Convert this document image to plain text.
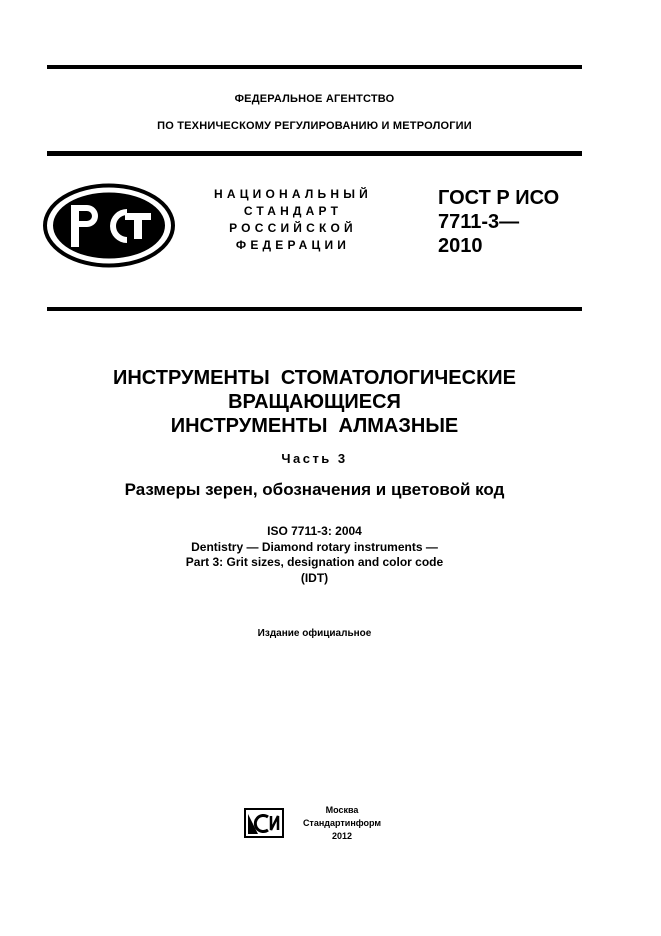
ФЕДЕРАЛЬНОЕ АГЕНТСТВО
ПО ТЕХНИЧЕСКОМУ РЕГУЛИРОВАНИЮ И МЕТРОЛОГИИ
НАЦИОНАЛЬНЫЙ
СТАНДАРТ
РОССИЙСКОЙ
ФЕДЕРАЦИИ
ГОСТ Р ИСО
7711-3—
2010
ИНСТРУМЕНТЫ  СТОМАТОЛОГИЧЕСКИЕ
ВРАЩАЮЩИЕСЯ
ИНСТРУМЕНТЫ  АЛМАЗНЫЕ
Часть 3
Размеры зерен, обозначения и цветовой код
ISO 7711-3: 2004
Dentistry — Diamond rotary instruments —
Part 3: Grit sizes, designation and color code
(IDT)
Издание официальное
Москва
Стандартинформ
2012
